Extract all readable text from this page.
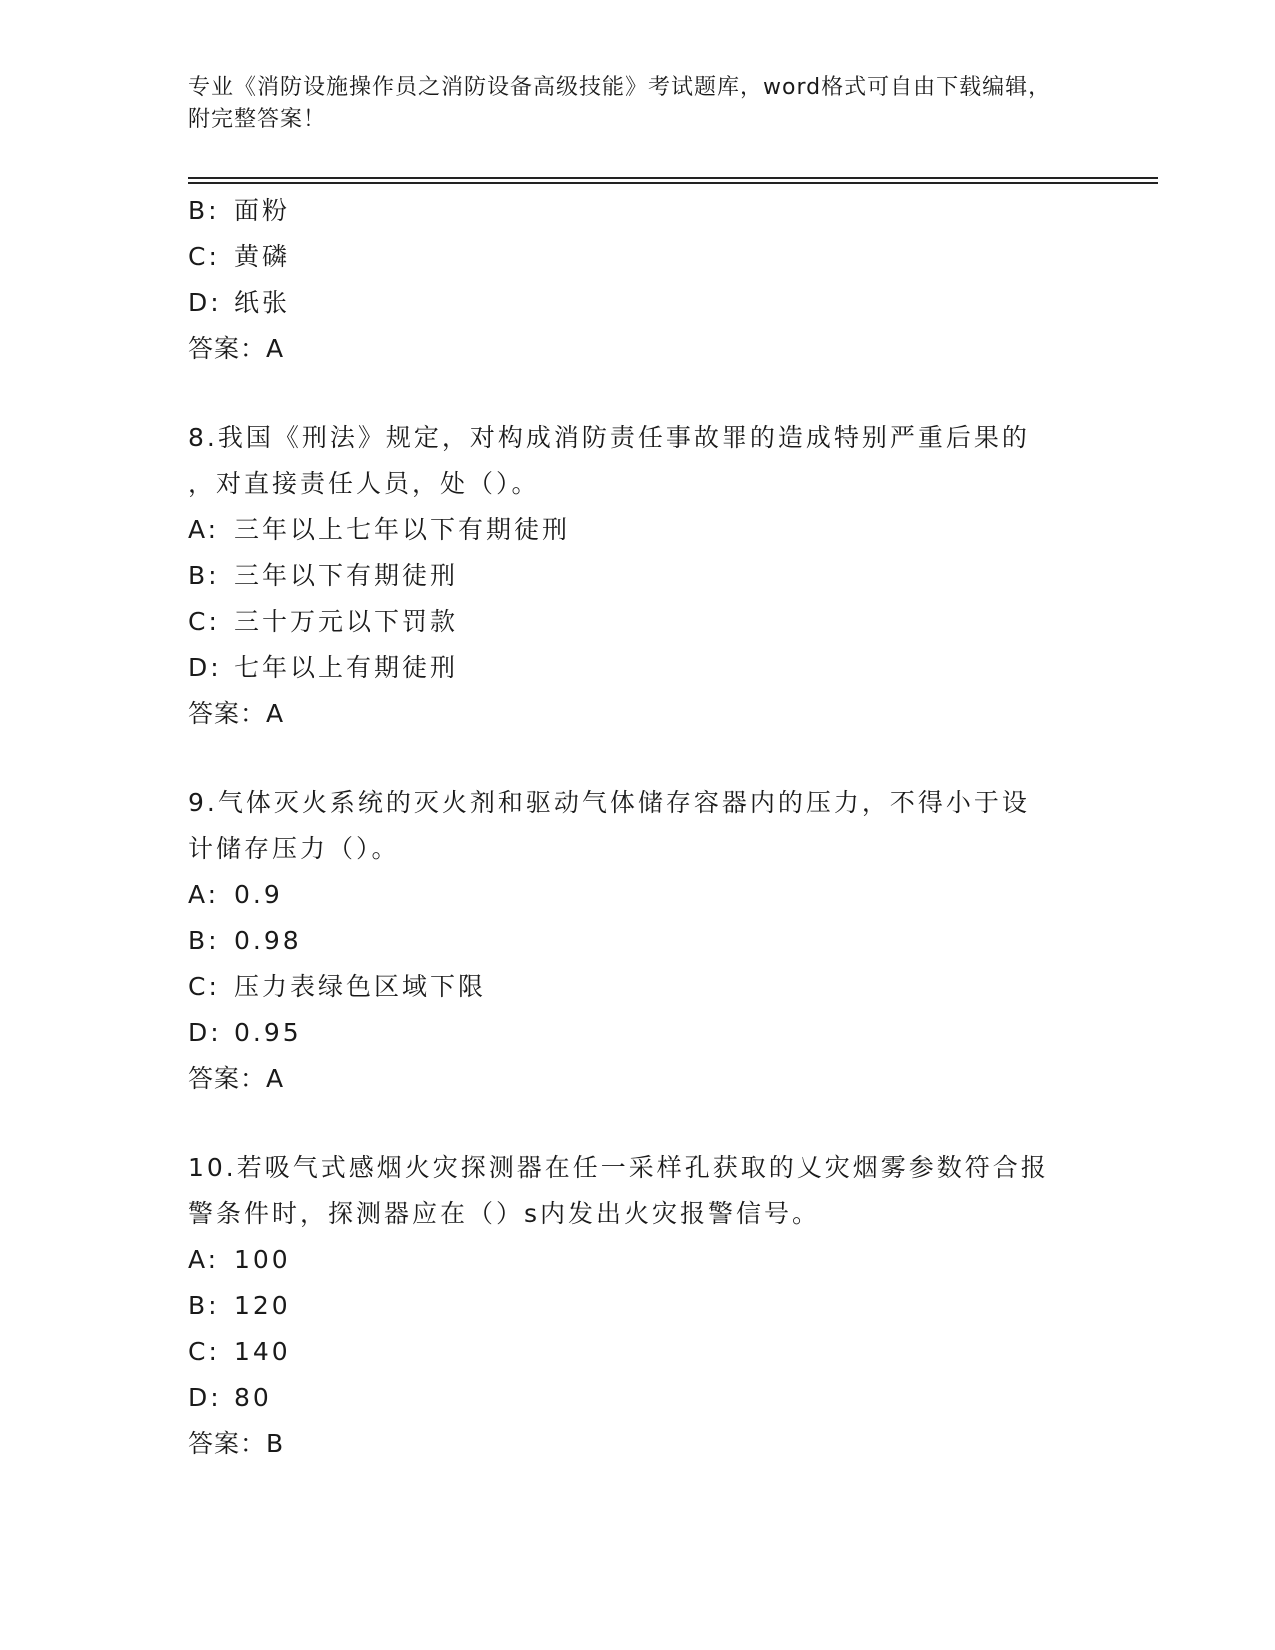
专业《消防设施操作员之消防设备高级技能》考试题库，word格式可自由下载编辑，附完整答案！
B: 面粉
C: 黄磷
D: 纸张
答案：A
8.我国《刑法》规定，对构成消防责任事故罪的造成特别严重后果的
，对直接责任人员，处（）。
A: 三年以上七年以下有期徒刑
B: 三年以下有期徒刑
C: 三十万元以下罚款
D: 七年以上有期徒刑
答案：A
9.气体灭火系统的灭火剂和驱动气体储存容器内的压力，不得小于设
计储存压力（）。
A: 0.9
B: 0.98
C: 压力表绿色区域下限
D: 0.95
答案：A
10.若吸气式感烟火灾探测器在任一采样孔获取的乂灾烟雾参数符合报
警条件时，探测器应在（）s内发出火灾报警信号。
A: 100
B: 120
C: 140
D: 80
答案：B
